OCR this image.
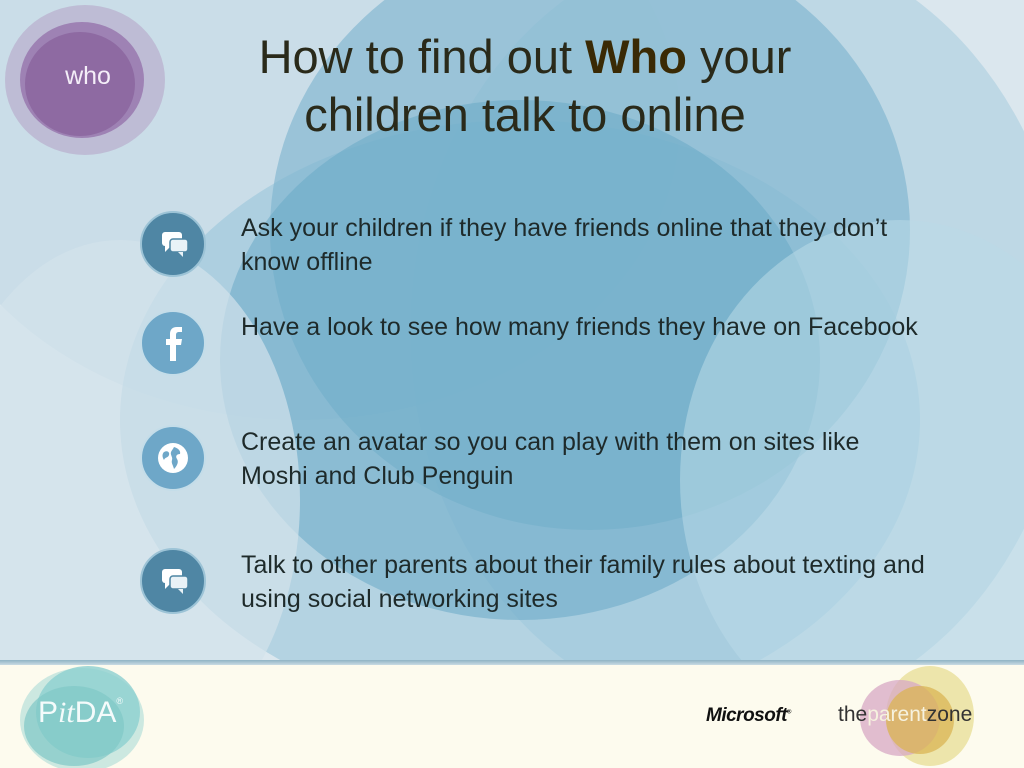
who	How to find out Who your children talk to online
Ask your children if they have friends online that they don’t know offline
Have a look to see how many friends they have on Facebook
Create an avatar so you can play with them on sites like Moshi and Club Penguin
Talk to other parents about their family rules about texting and using social networking sites
PitDA®
Microsoft® theparentzone
